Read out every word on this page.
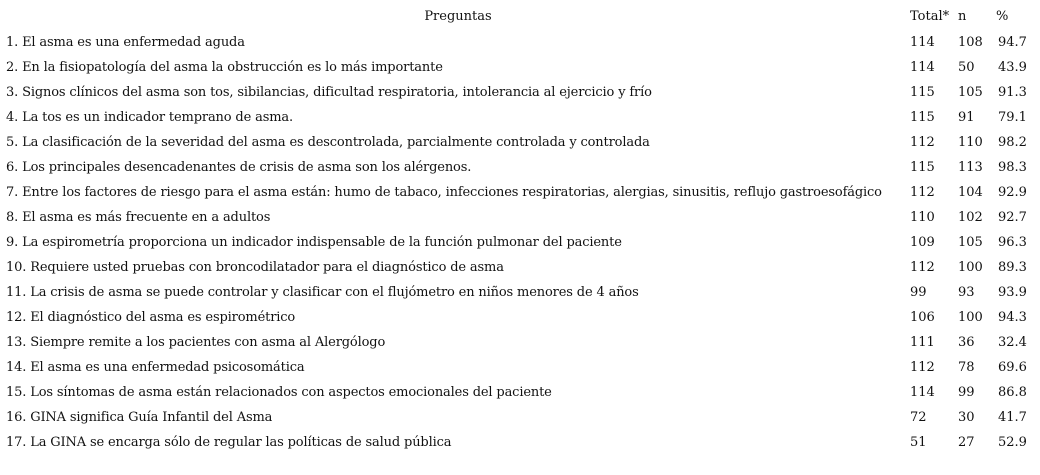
Preguntas	Total*	n	%
1. El asma es una enfermedad aguda	114	108	94.7
2. En la fisiopatología del asma la obstrucción es lo más importante	114	50	43.9
3. Signos clínicos del asma son tos, sibilancias, dificultad respiratoria, intolerancia al ejercicio y frío	115	105	91.3
4. La tos es un indicador temprano de asma.	115	91	79.1
5. La clasificación de la severidad del asma es descontrolada, parcialmente controlada y controlada	112	110	98.2
6. Los principales desencadenantes de crisis de asma son los alérgenos.	115	113	98.3
7. Entre los factores de riesgo para el asma están: humo de tabaco, infecciones respiratorias, alergias, sinusitis, reflujo gastroesofágico	112	104	92.9
8. El asma es más frecuente en a adultos	110	102	92.7
9. La espirometría proporciona un indicador indispensable de la función pulmonar del paciente	109	105	96.3
10. Requiere usted pruebas con broncodilatador para el diagnóstico de asma	112	100	89.3
11. La crisis de asma se puede controlar y clasificar con el flujómetro en niños menores de 4 años	99	93	93.9
12. El diagnóstico del asma es espirométrico	106	100	94.3
13. Siempre remite a los pacientes con asma al Alergólogo	111	36	32.4
14. El asma es una enfermedad psicosomática	112	78	69.6
15. Los síntomas de asma están relacionados con aspectos emocionales del paciente	114	99	86.8
16. GINA significa Guía Infantil del Asma	72	30	41.7
17. La GINA se encarga sólo de regular las políticas de salud pública	51	27	52.9
